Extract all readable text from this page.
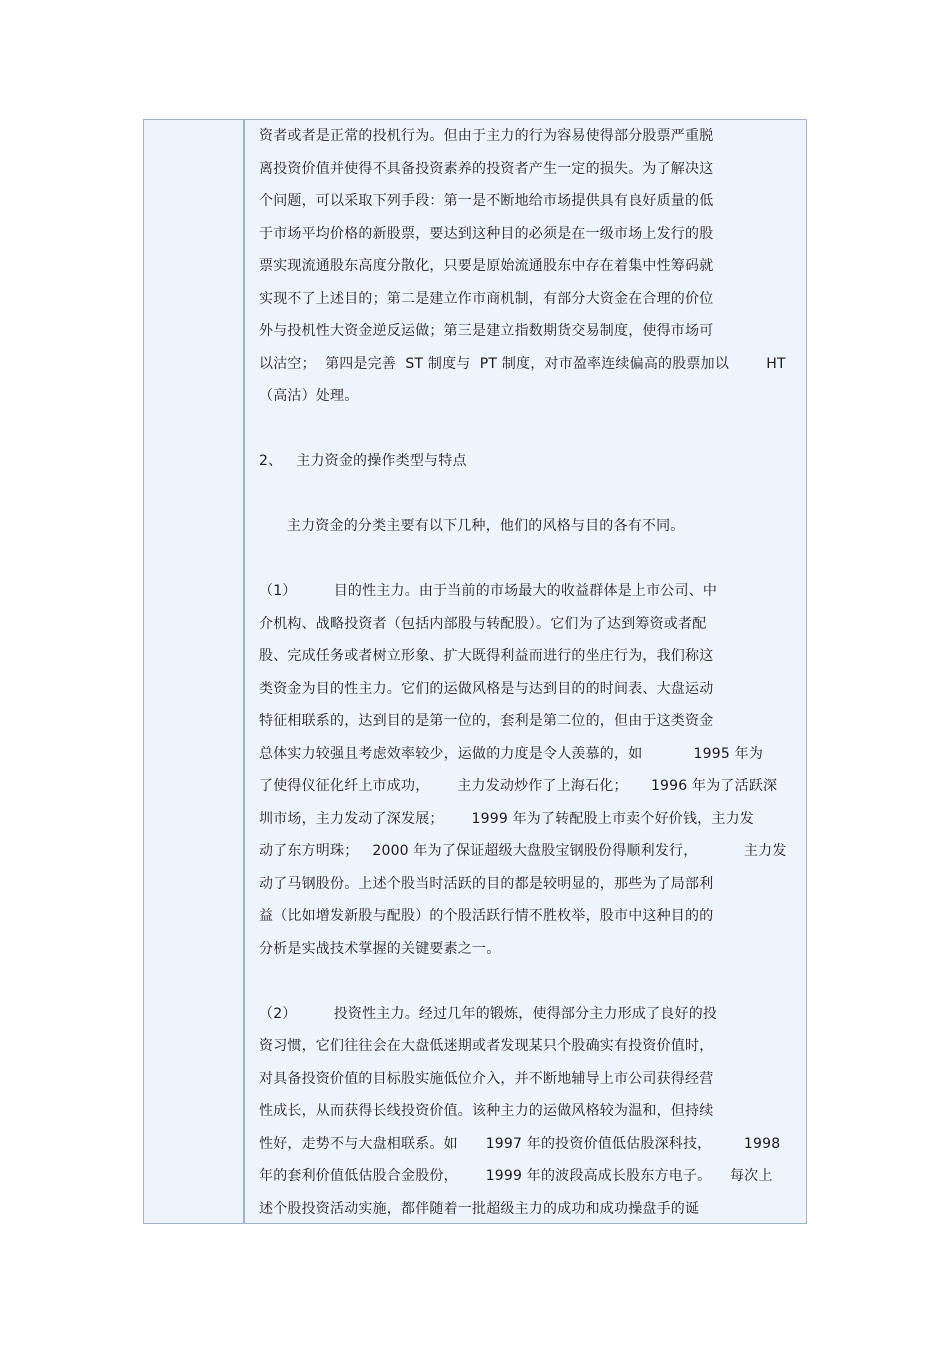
资者或者是正常的投机行为。但由于主力的行为容易使得部分股票严重脱
离投资价值并使得不具备投资素养的投资者产生一定的损失。为了解决这
个问题，可以采取下列手段：第一是不断地给市场提供具有良好质量的低
于市场平均价格的新股票，要达到这种目的必须是在一级市场上发行的股
票实现流通股东高度分散化，只要是原始流通股东中存在着集中性筹码就
实现不了上述目的；第二是建立作市商机制，有部分大资金在合理的价位
外与投机性大资金逆反运做；第三是建立指数期货交易制度，使得市场可
以沽空；  第四是完善  ST 制度与  PT 制度，对市盈率连续偏高的股票加以        HT
（高沽）处理。
2、   主力资金的操作类型与特点
主力资金的分类主要有以下几种，他们的风格与目的各有不同。
（1）        目的性主力。由于当前的市场最大的收益群体是上市公司、中
介机构、战略投资者（包括内部股与转配股）。它们为了达到筹资或者配
股、完成任务或者树立形象、扩大既得利益而进行的坐庄行为，我们称这
类资金为目的性主力。它们的运做风格是与达到目的的时间表、大盘运动
特征相联系的，达到目的是第一位的，套利是第二位的，但由于这类资金
总体实力较强且考虑效率较少，运做的力度是令人羡慕的，如           1995 年为
了使得仪征化纤上市成功，      主力发动炒作了上海石化；     1996 年为了活跃深
圳市场，主力发动了深发展；      1999 年为了转配股上市卖个好价钱，主力发
动了东方明珠；   2000 年为了保证超级大盘股宝钢股份得顺利发行，          主力发
动了马钢股份。上述个股当时活跃的目的都是较明显的，那些为了局部利
益（比如增发新股与配股）的个股活跃行情不胜枚举，股市中这种目的的
分析是实战技术掌握的关键要素之一。
（2）        投资性主力。经过几年的锻炼，使得部分主力形成了良好的投
资习惯，它们往往会在大盘低迷期或者发现某只个股确实有投资价值时，
对具备投资价值的目标股实施低位介入，并不断地辅导上市公司获得经营
性成长，从而获得长线投资价值。该种主力的运做风格较为温和，但持续
性好，走势不与大盘相联系。如      1997 年的投资价值低估股深科技，       1998
年的套利价值低估股合金股份，      1999 年的波段高成长股东方电子。    每次上
述个股投资活动实施，都伴随着一批超级主力的成功和成功操盘手的诞
